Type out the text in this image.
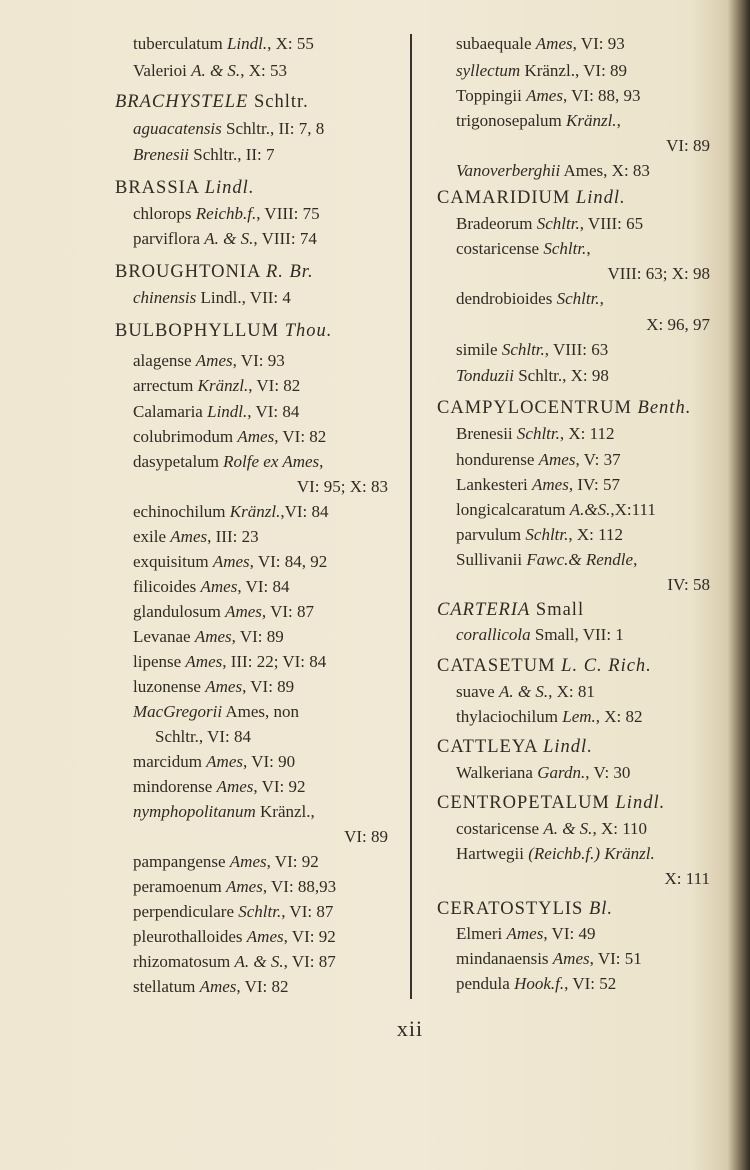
tuberculatum Lindl., X: 55
Valerioi A. & S., X: 53
BRACHYSTELE Schltr.
aguacatensis Schltr., II: 7, 8
Brenesii Schltr., II: 7
BRASSIA Lindl.
chlorops Reichb.f., VIII: 75
parviflora A. & S., VIII: 74
BROUGHTONIA R. Br.
chinensis Lindl., VII: 4
BULBOPHYLLUM Thou.
alagense Ames, VI: 93
arrectum Kränzl., VI: 82
Calamaria Lindl., VI: 84
colubrimodum Ames, VI: 82
dasypetalum Rolfe ex Ames,
VI: 95; X: 83
echinochilum Kränzl.,VI: 84
exile Ames, III: 23
exquisitum Ames, VI: 84, 92
filicoides Ames, VI: 84
glandulosum Ames, VI: 87
Levanae Ames, VI: 89
lipense Ames, III: 22; VI: 84
luzonense Ames, VI: 89
MacGregorii Ames, non
Schltr., VI: 84
marcidum Ames, VI: 90
mindorense Ames, VI: 92
nymphopolitanum Kränzl.,
VI: 89
pampangense Ames, VI: 92
peramoenum Ames, VI: 88,93
perpendiculare Schltr., VI: 87
pleurothalloides Ames, VI: 92
rhizomatosum A. & S., VI: 87
stellatum Ames, VI: 82
subaequale Ames, VI: 93
syllectum Kränzl., VI: 89
Toppingii Ames, VI: 88, 93
trigonosepalum Kränzl.,
VI: 89
Vanoverberghii Ames, X: 83
CAMARIDIUM Lindl.
Bradeorum Schltr., VIII: 65
costaricense Schltr.,
VIII: 63; X: 98
dendrobioides Schltr.,
X: 96, 97
simile Schltr., VIII: 63
Tonduzii Schltr., X: 98
CAMPYLOCENTRUM Benth.
Brenesii Schltr., X: 112
hondurense Ames, V: 37
Lankesteri Ames, IV: 57
longicalcaratum A.&S.,X:111
parvulum Schltr., X: 112
Sullivanii Fawc.& Rendle,
IV: 58
CARTERIA Small
corallicola Small, VII: 1
CATASETUM L. C. Rich.
suave A. & S., X: 81
thylaciochilum Lem., X: 82
CATTLEYA Lindl.
Walkeriana Gardn., V: 30
CENTROPETALUM Lindl.
costaricense A. & S., X: 110
Hartwegii (Reichb.f.) Kränzl.
X: 111
CERATOSTYLIS Bl.
Elmeri Ames, VI: 49
mindanaensis Ames, VI: 51
pendula Hook.f., VI: 52
xii
